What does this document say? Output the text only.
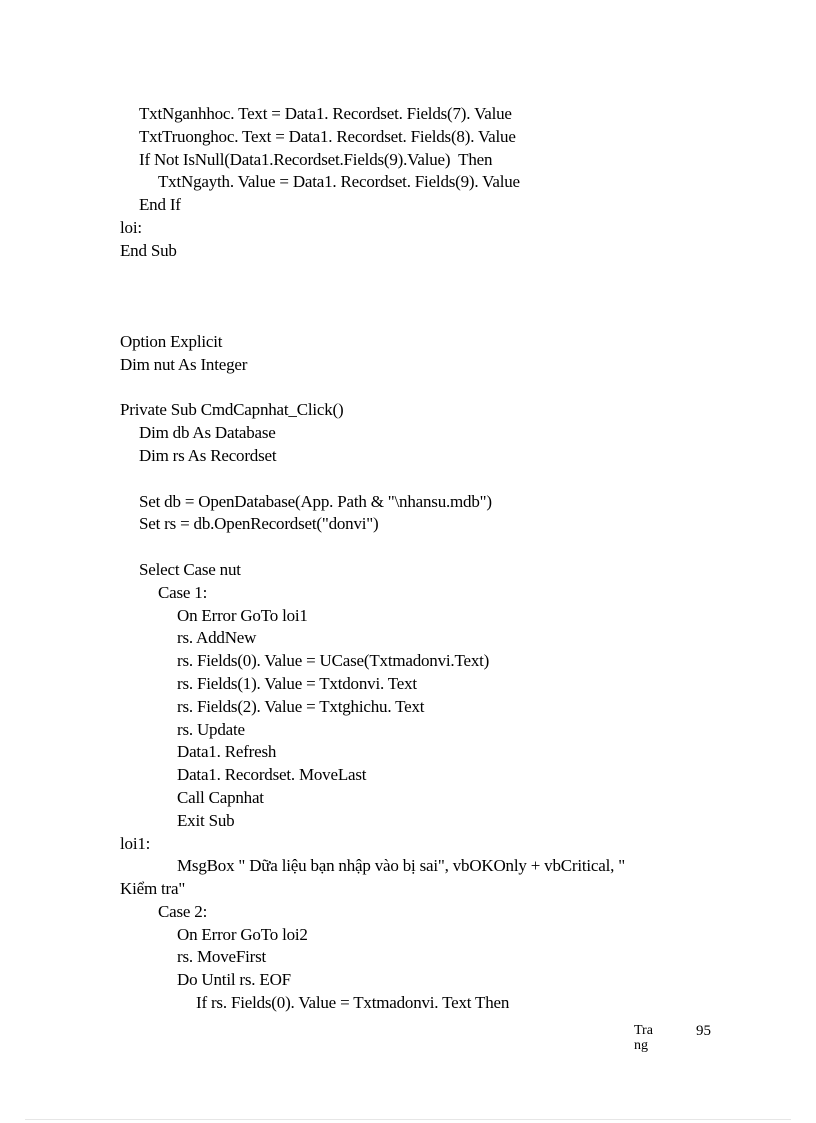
TxtNganhhoc. Text = Data1. Recordset. Fields(7). Value
TxtTruonghoc. Text = Data1. Recordset. Fields(8). Value
If Not IsNull(Data1.Recordset.Fields(9).Value)  Then
TxtNgayth. Value = Data1. Recordset. Fields(9). Value
End If
loi:
End Sub
Option Explicit
Dim nut As Integer
Private Sub CmdCapnhat_Click()
Dim db As Database
Dim rs As Recordset
Set db = OpenDatabase(App. Path & "\nhansu.mdb")
Set rs = db.OpenRecordset("donvi")
Select Case nut
Case 1:
On Error GoTo loi1
rs. AddNew
rs. Fields(0). Value = UCase(Txtmadonvi.Text)
rs. Fields(1). Value = Txtdonvi. Text
rs. Fields(2). Value = Txtghichu. Text
rs. Update
Data1. Refresh
Data1. Recordset. MoveLast
Call Capnhat
Exit Sub
loi1:
MsgBox " Dữa liệu bạn nhập vào bị sai", vbOKOnly + vbCritical, "
Kiểm tra"
Case 2:
On Error GoTo loi2
rs. MoveFirst
Do Until rs. EOF
If rs. Fields(0). Value = Txtmadonvi. Text Then
Trang
95
